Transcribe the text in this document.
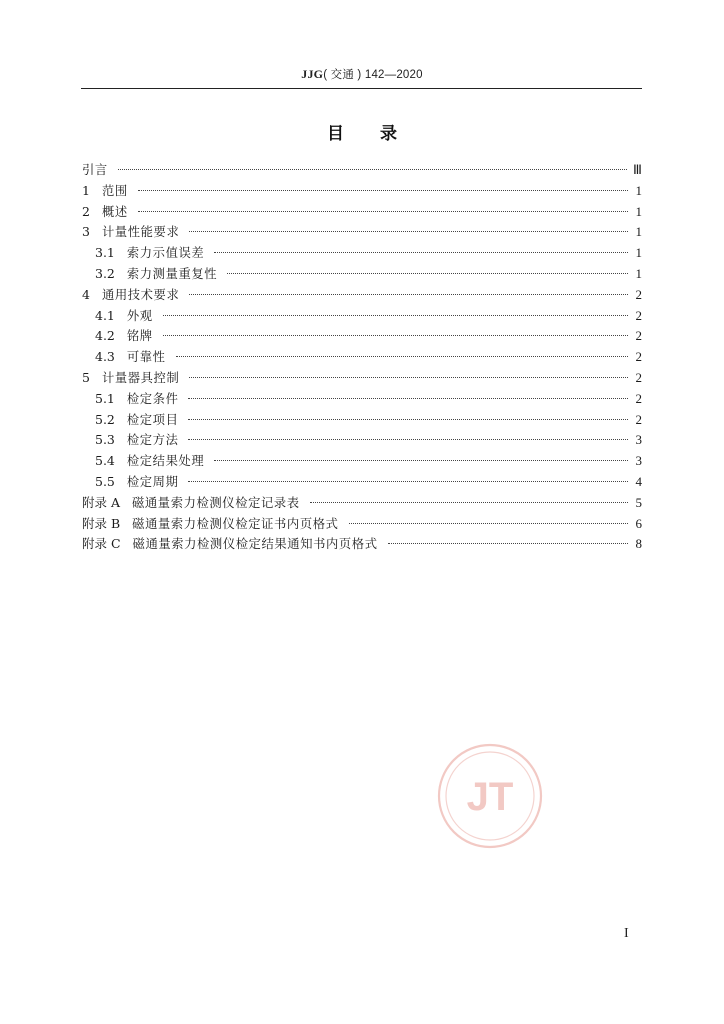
JJG( 交通 ) 142—2020
目 录
引言	Ⅲ
1 范围	1
2 概述	1
3 计量性能要求	1
3.1 索力示值误差	1
3.2 索力测量重复性	1
4 通用技术要求	2
4.1 外观	2
4.2 铭牌	2
4.3 可靠性	2
5 计量器具控制	2
5.1 检定条件	2
5.2 检定项目	2
5.3 检定方法	3
5.4 检定结果处理	3
5.5 检定周期	4
附录 A 磁通量索力检测仪检定记录表	5
附录 B 磁通量索力检测仪检定证书内页格式	6
附录 C 磁通量索力检测仪检定结果通知书内页格式	8
JT
I
